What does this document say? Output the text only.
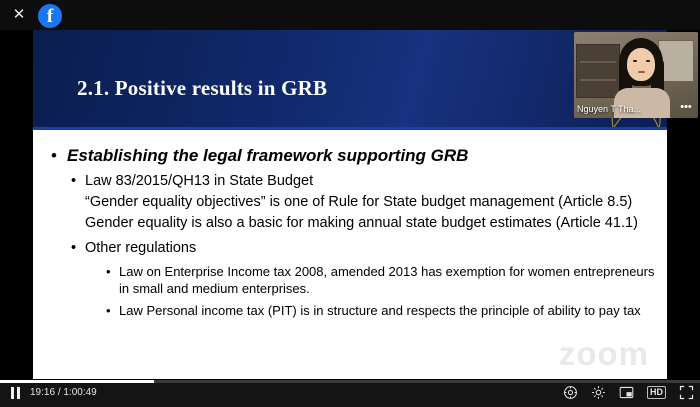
✕	f
2.1. Positive results in GRB
• Establishing the legal framework supporting GRB
• Law 83/2015/QH13 in State Budget
“Gender equality objectives” is one of Rule for State budget management (Article 8.5)
Gender equality is also a basic for making annual state budget estimates (Article 41.1)
• Other regulations
• Law on Enterprise Income tax 2008, amended 2013 has exemption for women entrepreneurs in small and medium enterprises.
• Law Personal income tax (PIT) is in structure and respects the principle of ability to pay tax
zoom
Nguyen T Tha...	•••
19:16 / 1:00:49	HD
